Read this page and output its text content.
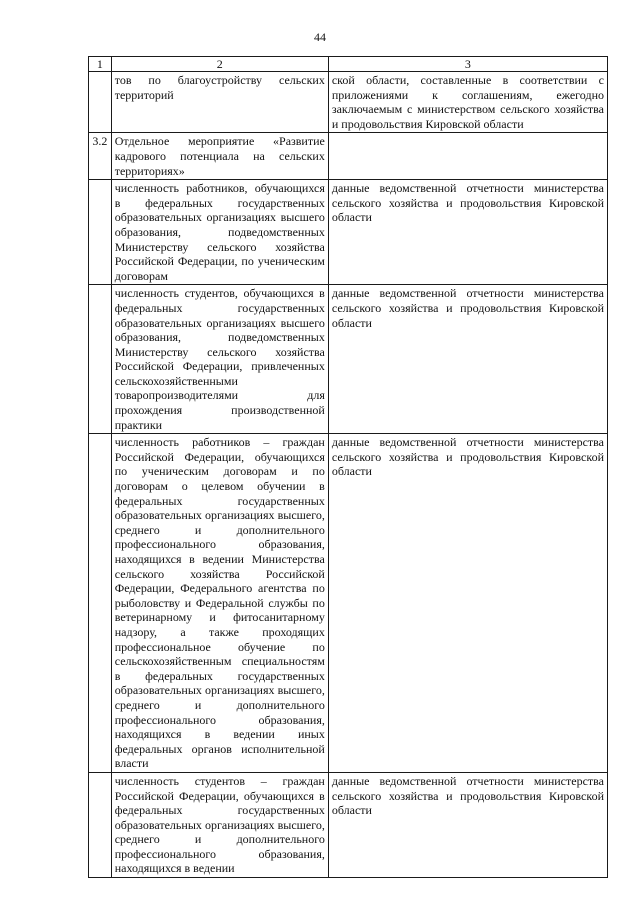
44
1	2	3
	тов по благоустройству сельских территорий	ской области, составленные в соответствии с приложениями к соглашениям, ежегодно заключаемым с министерством сельского хозяйства и продовольствия Кировской области
3.2	Отдельное мероприятие «Развитие кадрового потенциала на сельских территориях»	
	численность работников, обучающихся в федеральных государственных образовательных организациях высшего образования, подведомственных Министерству сельского хозяйства Российской Федерации, по ученическим договорам	данные ведомственной отчетности министерства сельского хозяйства и продовольствия Кировской области
	численность студентов, обучающихся в федеральных государственных образовательных организациях высшего образования, подведомственных Министерству сельского хозяйства Российской Федерации, привлеченных сельскохозяйственными товаропроизводителями для прохождения производственной практики	данные ведомственной отчетности министерства сельского хозяйства и продовольствия Кировской области
	численность работников – граждан Российской Федерации, обучающихся по ученическим договорам и по договорам о целевом обучении в федеральных государственных образовательных организациях высшего, среднего и дополнительного профессионального образования, находящихся в ведении Министерства сельского хозяйства Российской Федерации, Федерального агентства по рыболовству и Федеральной службы по ветеринарному и фитосанитарному надзору, а также проходящих профессиональное обучение по сельскохозяйственным специальностям в федеральных государственных образовательных организациях высшего, среднего и дополнительного профессионального образования, находящихся в ведении иных федеральных органов исполнительной власти	данные ведомственной отчетности министерства сельского хозяйства и продовольствия Кировской области
	численность студентов – граждан Российской Федерации, обучающихся в федеральных государственных образовательных организациях высшего, среднего и дополнительного профессионального образования, находящихся в ведении	данные ведомственной отчетности министерства сельского хозяйства и продовольствия Кировской области
